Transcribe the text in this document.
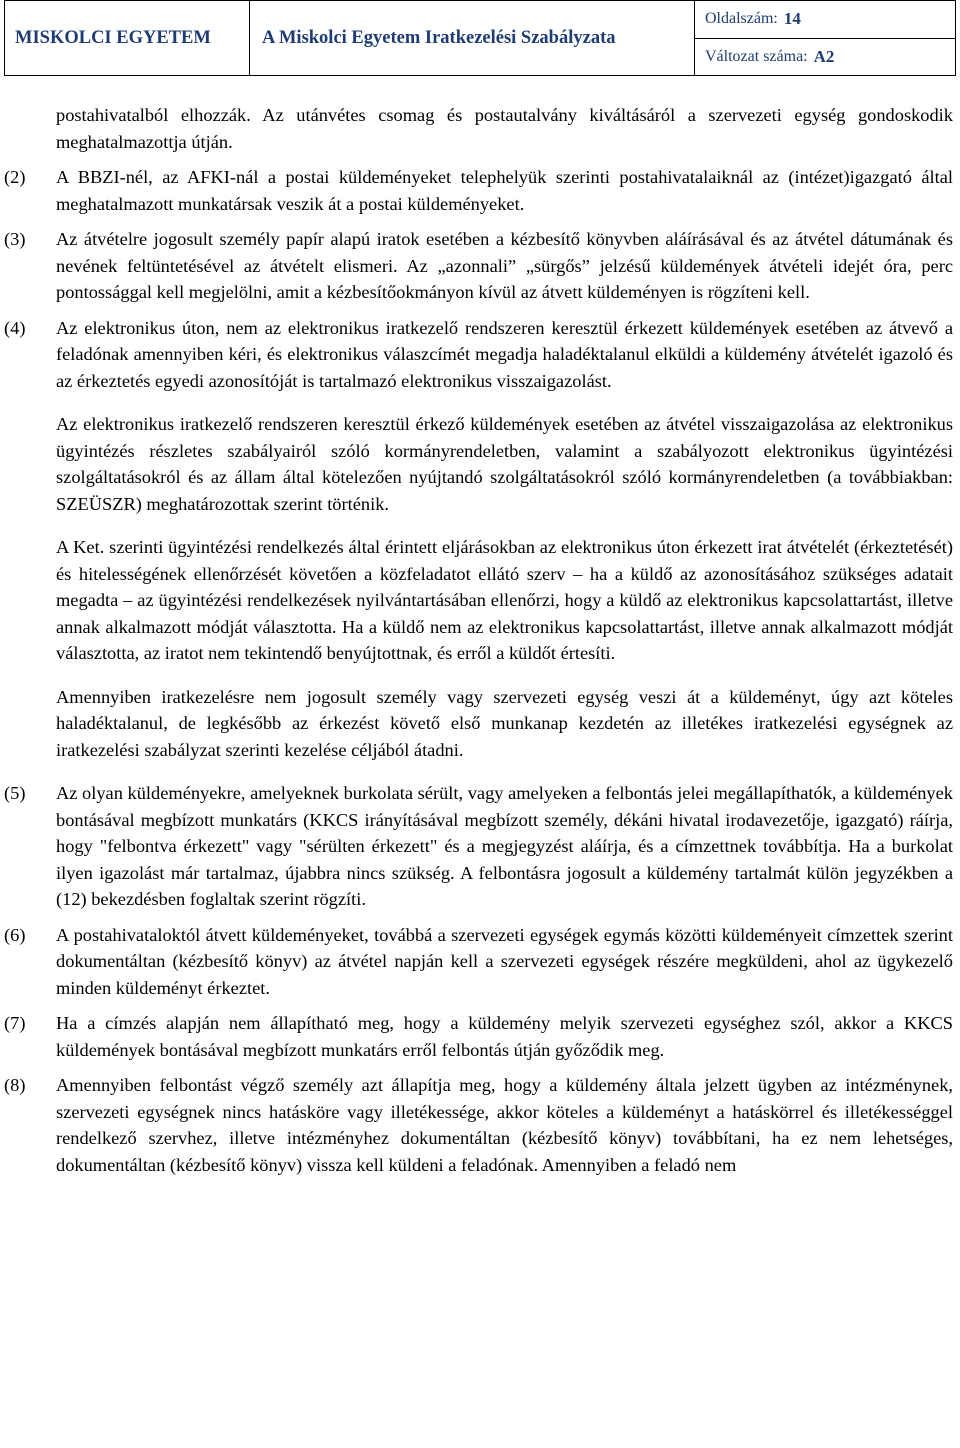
MISKOLCI EGYETEM	A Miskolci Egyetem Iratkezelési Szabályzata
Oldalszám: 14
Változat száma: A2

postahivatalból elhozzák. Az utánvétes csomag és postautalvány kiváltásáról a szervezeti egység gondoskodik meghatalmazottja útján.

(2) A BBZI-nél, az AFKI-nál a postai küldeményeket telephelyük szerinti postahivatalaiknál az (intézet)igazgató által meghatalmazott munkatársak veszik át a postai küldeményeket.

(3) Az átvételre jogosult személy papír alapú iratok esetében a kézbesítő könyvben aláírásával és az átvétel dátumának és nevének feltüntetésével az átvételt elismeri. Az „azonnali” „sürgős” jelzésű küldemények átvételi idejét óra, perc pontossággal kell megjelölni, amit a kézbesítőokmányon kívül az átvett küldeményen is rögzíteni kell.

(4) Az elektronikus úton, nem az elektronikus iratkezelő rendszeren keresztül érkezett küldemények esetében az átvevő a feladónak amennyiben kéri, és elektronikus válaszcímét megadja haladéktalanul elküldi a küldemény átvételét igazoló és az érkeztetés egyedi azonosítóját is tartalmazó elektronikus visszaigazolást.

Az elektronikus iratkezelő rendszeren keresztül érkező küldemények esetében az átvétel visszaigazolása az elektronikus ügyintézés részletes szabályairól szóló kormányrendeletben, valamint a szabályozott elektronikus ügyintézési szolgáltatásokról és az állam által kötelezően nyújtandó szolgáltatásokról szóló kormányrendeletben (a továbbiakban: SZEÜSZR) meghatározottak szerint történik.

A Ket. szerinti ügyintézési rendelkezés által érintett eljárásokban az elektronikus úton érkezett irat átvételét (érkeztetését) és hitelességének ellenőrzését követően a közfeladatot ellátó szerv – ha a küldő az azonosításához szükséges adatait megadta – az ügyintézési rendelkezések nyilvántartásában ellenőrzi, hogy a küldő az elektronikus kapcsolattartást, illetve annak alkalmazott módját választotta. Ha a küldő nem az elektronikus kapcsolattartást, illetve annak alkalmazott módját választotta, az iratot nem tekintendő benyújtottnak, és erről a küldőt értesíti.

Amennyiben iratkezelésre nem jogosult személy vagy szervezeti egység veszi át a küldeményt, úgy azt köteles haladéktalanul, de legkésőbb az érkezést követő első munkanap kezdetén az illetékes iratkezelési egységnek az iratkezelési szabályzat szerinti kezelése céljából átadni.

(5) Az olyan küldeményekre, amelyeknek burkolata sérült, vagy amelyeken a felbontás jelei megállapíthatók, a küldemények bontásával megbízott munkatárs (KKCS irányításával megbízott személy, dékáni hivatal irodavezetője, igazgató) ráírja, hogy "felbontva érkezett" vagy "sérülten érkezett" és a megjegyzést aláírja, és a címzettnek továbbítja. Ha a burkolat ilyen igazolást már tartalmaz, újabbra nincs szükség. A felbontásra jogosult a küldemény tartalmát külön jegyzékben a (12) bekezdésben foglaltak szerint rögzíti.

(6) A postahivataloktól átvett küldeményeket, továbbá a szervezeti egységek egymás közötti küldeményeit címzettek szerint dokumentáltan (kézbesítő könyv) az átvétel napján kell a szervezeti egységek részére megküldeni, ahol az ügykezelő minden küldeményt érkeztet.

(7) Ha a címzés alapján nem állapítható meg, hogy a küldemény melyik szervezeti egységhez szól, akkor a KKCS küldemények bontásával megbízott munkatárs erről felbontás útján győződik meg.

(8) Amennyiben felbontást végző személy azt állapítja meg, hogy a küldemény általa jelzett ügyben az intézménynek, szervezeti egységnek nincs hatásköre vagy illetékessége, akkor köteles a küldeményt a hatáskörrel és illetékességgel rendelkező szervhez, illetve intézményhez dokumentáltan (kézbesítő könyv) továbbítani, ha ez nem lehetséges, dokumentáltan (kézbesítő könyv) vissza kell küldeni a feladónak. Amennyiben a feladó nem
